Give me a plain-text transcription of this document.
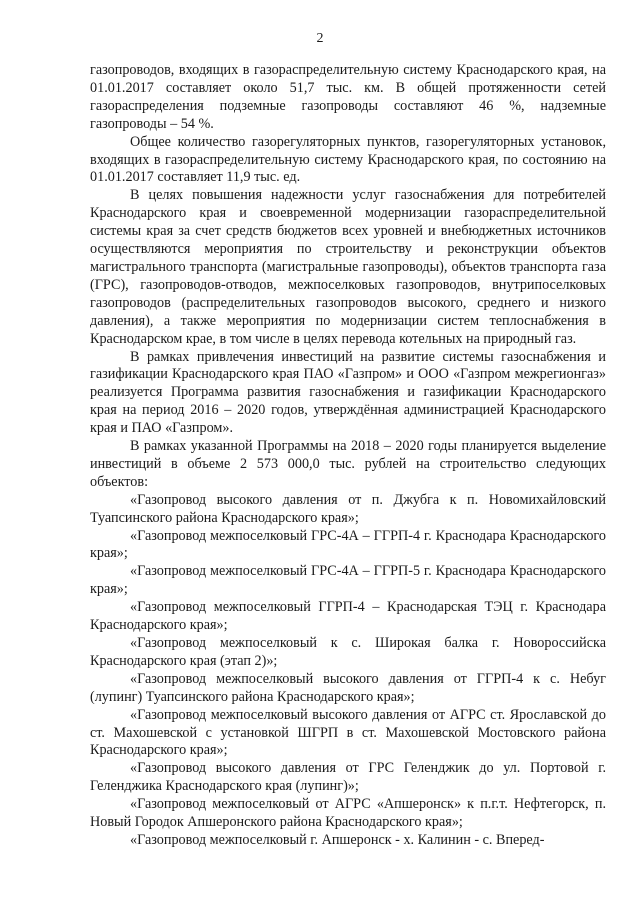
2

газопроводов, входящих в газораспределительную систему Краснодарского края, на 01.01.2017 составляет около 51,7 тыс. км. В общей протяженности сетей газораспределения подземные газопроводы составляют 46 %, надземные газопроводы – 54 %.

Общее количество газорегуляторных пунктов, газорегуляторных установок, входящих в газораспределительную систему Краснодарского края, по состоянию на 01.01.2017 составляет 11,9 тыс. ед.

В целях повышения надежности услуг газоснабжения для потребителей Краснодарского края и своевременной модернизации газораспределительной системы края за счет средств бюджетов всех уровней и внебюджетных источников осуществляются мероприятия по строительству и реконструкции объектов магистрального транспорта (магистральные газопроводы), объектов транспорта газа (ГРС), газопроводов-отводов, межпоселковых газопроводов, внутрипоселковых газопроводов (распределительных газопроводов высокого, среднего и низкого давления), а также мероприятия по модернизации систем теплоснабжения в Краснодарском крае, в том числе в целях перевода котельных на природный газ.

В рамках привлечения инвестиций на развитие системы газоснабжения и газификации Краснодарского края ПАО «Газпром» и ООО «Газпром межрегионгаз» реализуется Программа развития газоснабжения и газификации Краснодарского края на период 2016 – 2020 годов, утверждённая администрацией Краснодарского края и ПАО «Газпром».

В рамках указанной Программы на 2018 – 2020 годы планируется выделение инвестиций в объеме 2 573 000,0 тыс. рублей на строительство следующих объектов:

«Газопровод высокого давления от п. Джубга к п. Новомихайловский Туапсинского района Краснодарского края»;

«Газопровод межпоселковый ГРС-4А – ГГРП-4 г. Краснодара Краснодарского края»;

«Газопровод межпоселковый ГРС-4А – ГГРП-5 г. Краснодара Краснодарского края»;

«Газопровод межпоселковый ГГРП-4 – Краснодарская ТЭЦ г. Краснодара Краснодарского края»;

«Газопровод межпоселковый к с. Широкая балка г. Новороссийска Краснодарского края (этап 2)»;

«Газопровод межпоселковый высокого давления от ГГРП-4 к с. Небуг (лупинг) Туапсинского района Краснодарского края»;

«Газопровод межпоселковый высокого давления от АГРС ст. Ярославской до ст. Махошевской с установкой ШГРП в ст. Махошевской Мостовского района Краснодарского края»;

«Газопровод высокого давления от ГРС Геленджик до ул. Портовой г. Геленджика Краснодарского края (лупинг)»;

«Газопровод межпоселковый от АГРС «Апшеронск» к п.г.т. Нефтегорск, п. Новый Городок Апшеронского района Краснодарского края»;

«Газопровод межпоселковый г. Апшеронск - х. Калинин - с. Вперед-
